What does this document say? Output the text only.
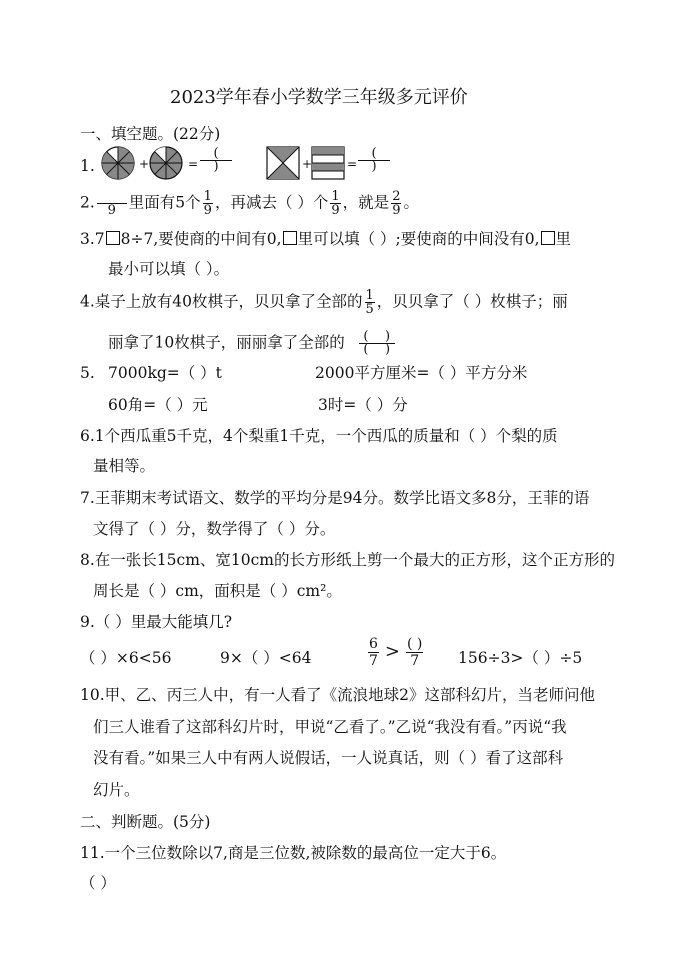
2023学年春小学数学三年级多元评价
一、填空题。(22分)
1.	+	=
(
)	+	=
(
)
2.
9 里面有5个 $\frac{1}{9}$ ，再减去（ ）个 $\frac{1}{9}$ ，就是 $\frac{2}{9}$ 。
3.7 8÷7,要使商的中间有0, 里可以填（ ）;要使商的中间没有0, 里
最小可以填（ ）。
4.桌子上放有40枚棋子，贝贝拿了全部的 $\frac{1}{5}$ ，贝贝拿了（ ）枚棋子；丽
丽拿了10枚棋子，丽丽拿了全部的	(    )
(    )
5. 7000kg=（ ）t	2000平方厘米=（ ）平方分米
60角=（ ）元	3时=（ ）分
6.1个西瓜重5千克，4个梨重1千克，一个西瓜的质量和（ ）个梨的质
量相等。
7.王菲期末考试语文、数学的平均分是94分。数学比语文多8分，王菲的语
文得了（ ）分，数学得了（ ）分。
8.在一张长15cm、宽10cm的长方形纸上剪一个最大的正方形，这个正方形的
周长是（ ）cm，面积是（ ）cm²。
9.（ ）里最大能填几?
（ ）×6<56	9×（ ）<64	$\frac{6}{7} > \frac{( )}{7} 156\div 3>$（ ）÷5
10.甲、乙、丙三人中，有一人看了《流浪地球2》这部科幻片，当老师问他
们三人谁看了这部科幻片时，甲说“乙看了。”乙说“我没有看。”丙说“我
没有看。”如果三人中有两人说假话，一人说真话，则（ ）看了这部科
幻片。
二、判断题。(5分)
11.一个三位数除以7,商是三位数,被除数的最高位一定大于6。
（ ）
